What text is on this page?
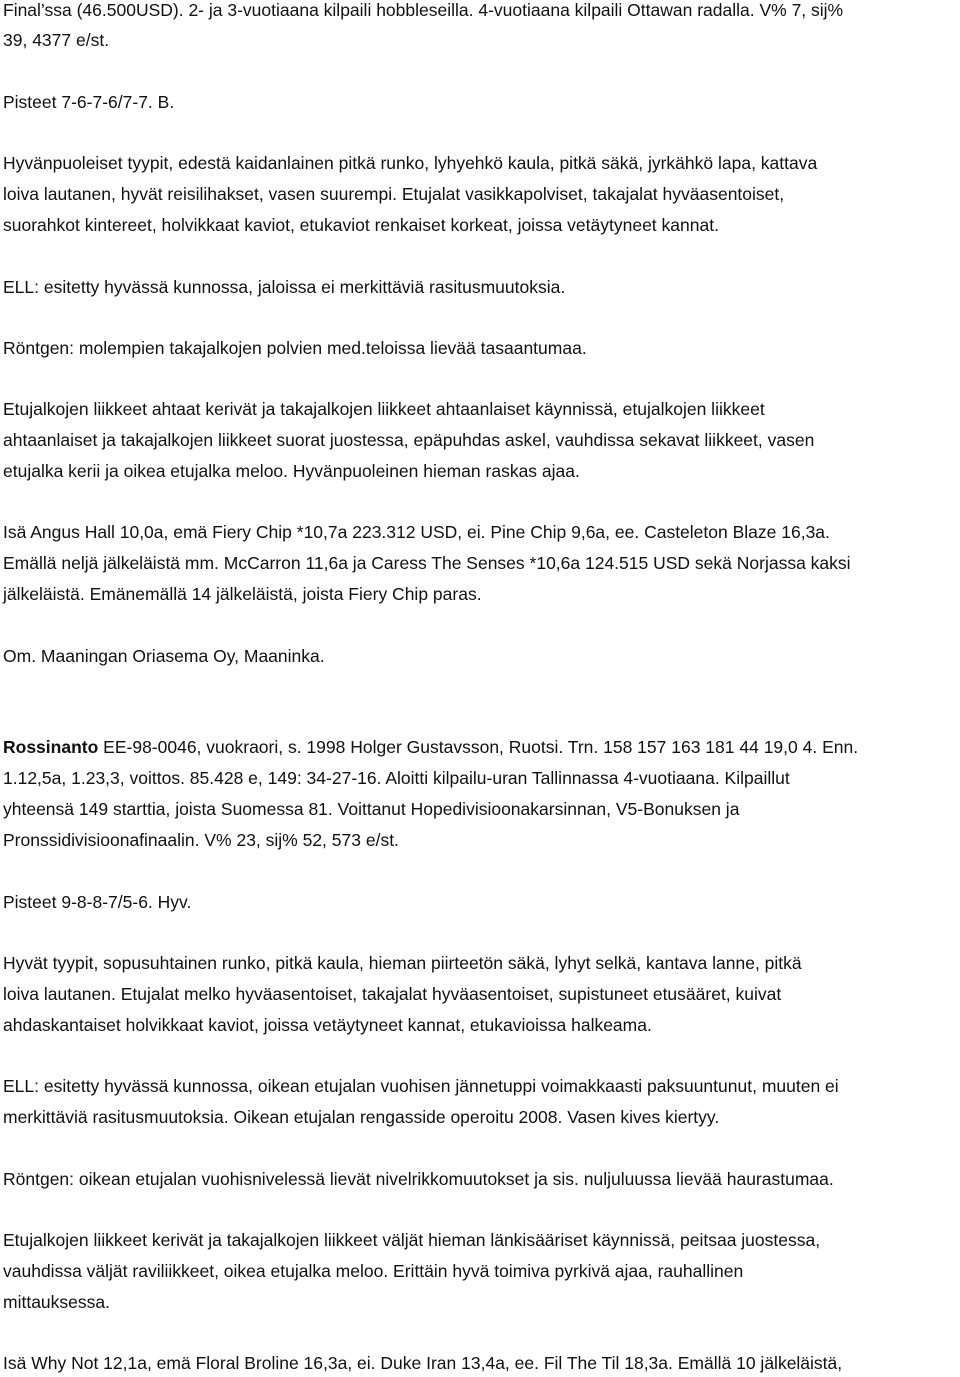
Final’ssa (46.500USD). 2- ja 3-vuotiaana kilpaili hobbleseilla. 4-vuotiaana kilpaili Ottawan radalla. V% 7, sij%
39, 4377 e/st.
Pisteet 7-6-7-6/7-7. B.
Hyvänpuoleiset tyypit, edestä kaidanlainen pitkä runko, lyhyehkö kaula, pitkä säkä, jyrkähkö lapa, kattava
loiva lautanen, hyvät reisilihakset, vasen suurempi. Etujalat vasikkapolviset, takajalat hyväasentoiset,
suorahkot kintereet, holvikkaat kaviot, etukaviot renkaiset korkeat, joissa vetäytyneet kannat.
ELL: esitetty hyvässä kunnossa, jaloissa ei merkittäviä rasitusmuutoksia.
Röntgen: molempien takajalkojen polvien med.teloissa lievää tasaantumaa.
Etujalkojen liikkeet ahtaat kerivät ja takajalkojen liikkeet ahtaanlaiset käynnissä, etujalkojen liikkeet
ahtaanlaiset ja takajalkojen liikkeet suorat juostessa, epäpuhdas askel, vauhdissa sekavat liikkeet, vasen
etujalka kerii ja oikea etujalka meloo. Hyvänpuoleinen hieman raskas ajaa.
Isä Angus Hall 10,0a, emä Fiery Chip *10,7a 223.312 USD, ei. Pine Chip 9,6a, ee. Casteleton Blaze 16,3a.
Emällä neljä jälkeläistä mm. McCarron 11,6a ja Caress The Senses *10,6a 124.515 USD sekä Norjassa kaksi
jälkeläistä. Emänemällä 14 jälkeläistä, joista Fiery Chip paras.
Om. Maaningan Oriasema Oy, Maaninka.
Rossinanto EE-98-0046, vuokraori, s. 1998 Holger Gustavsson, Ruotsi. Trn. 158 157 163 181 44 19,0 4. Enn.
1.12,5a, 1.23,3, voittos. 85.428 e, 149: 34-27-16. Aloitti kilpailu-uran Tallinnassa 4-vuotiaana. Kilpaillut
yhteensä 149 starttia, joista Suomessa 81. Voittanut Hopedivisioonakarsinnan, V5-Bonuksen ja
Pronssidivisioonafinaalin. V% 23, sij% 52, 573 e/st.
Pisteet 9-8-8-7/5-6. Hyv.
Hyvät tyypit, sopusuhtainen runko, pitkä kaula, hieman piirteetön säkä, lyhyt selkä, kantava lanne, pitkä
loiva lautanen. Etujalat melko hyväasentoiset, takajalat hyväasentoiset, supistuneet etusääret, kuivat
ahdaskantaiset holvikkaat kaviot, joissa vetäytyneet kannat, etukavioissa halkeama.
ELL: esitetty hyvässä kunnossa, oikean etujalan vuohisen jännetuppi voimakkaasti paksuuntunut, muuten ei
merkittäviä rasitusmuutoksia. Oikean etujalan rengasside operoitu 2008. Vasen kives kiertyy.
Röntgen: oikean etujalan vuohisnivelessä lievät nivelrikkomuutokset ja sis. nuljuluussa lievää haurastumaa.
Etujalkojen liikkeet kerivät ja takajalkojen liikkeet väljät hieman länkisääriset käynnissä, peitsaa juostessa,
vauhdissa väljät raviliikkeet, oikea etujalka meloo. Erittäin hyvä toimiva pyrkivä ajaa, rauhallinen
mittauksessa.
Isä Why Not 12,1a, emä Floral Broline 16,3a, ei. Duke Iran 13,4a, ee. Fil The Til 18,3a. Emällä 10 jälkeläistä,
